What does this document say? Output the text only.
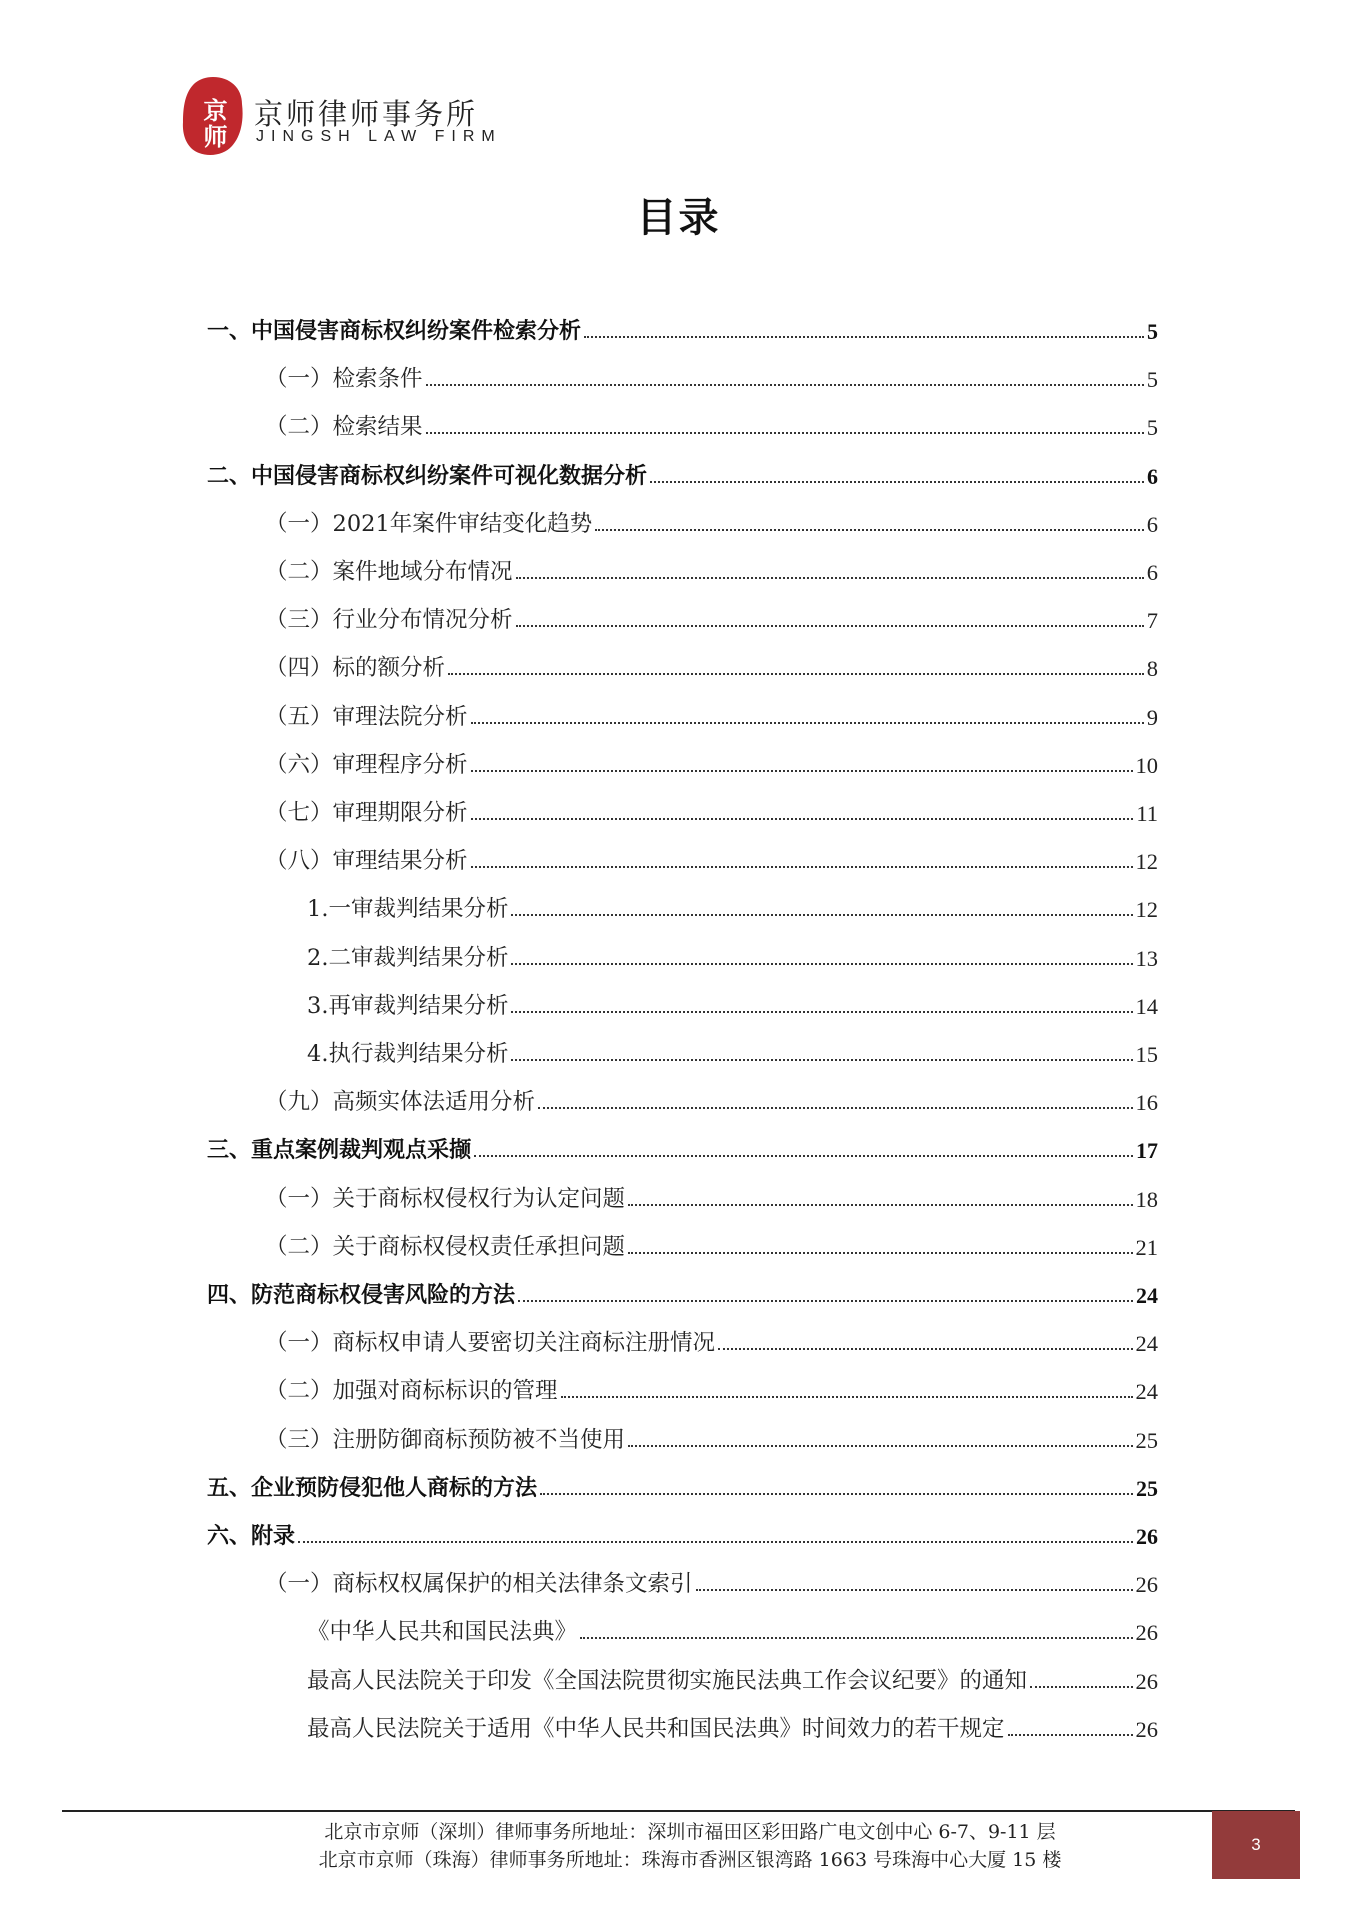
京师 京师律师事务所
JINGSH LAW FIRM
目录
一、中国侵害商标权纠纷案件检索分析	5
（一）检索条件	5
（二）检索结果	5
二、中国侵害商标权纠纷案件可视化数据分析	6
（一）2021年案件审结变化趋势	6
（二）案件地域分布情况	6
（三）行业分布情况分析	7
（四）标的额分析	8
（五）审理法院分析	9
（六）审理程序分析	10
（七）审理期限分析	11
（八）审理结果分析	12
1.一审裁判结果分析	12
2.二审裁判结果分析	13
3.再审裁判结果分析	14
4.执行裁判结果分析	15
（九）高频实体法适用分析	16
三、重点案例裁判观点采撷	17
（一）关于商标权侵权行为认定问题	18
（二）关于商标权侵权责任承担问题	21
四、防范商标权侵害风险的方法	24
（一）商标权申请人要密切关注商标注册情况	24
（二）加强对商标标识的管理	24
（三）注册防御商标预防被不当使用	25
五、企业预防侵犯他人商标的方法	25
六、附录	26
（一）商标权权属保护的相关法律条文索引	26
《中华人民共和国民法典》	26
最高人民法院关于印发《全国法院贯彻实施民法典工作会议纪要》的通知	26
最高人民法院关于适用《中华人民共和国民法典》时间效力的若干规定	26
北京市京师（深圳）律师事务所地址：深圳市福田区彩田路广电文创中心 6-7、9-11 层
北京市京师（珠海）律师事务所地址：珠海市香洲区银湾路 1663 号珠海中心大厦 15 楼
3
